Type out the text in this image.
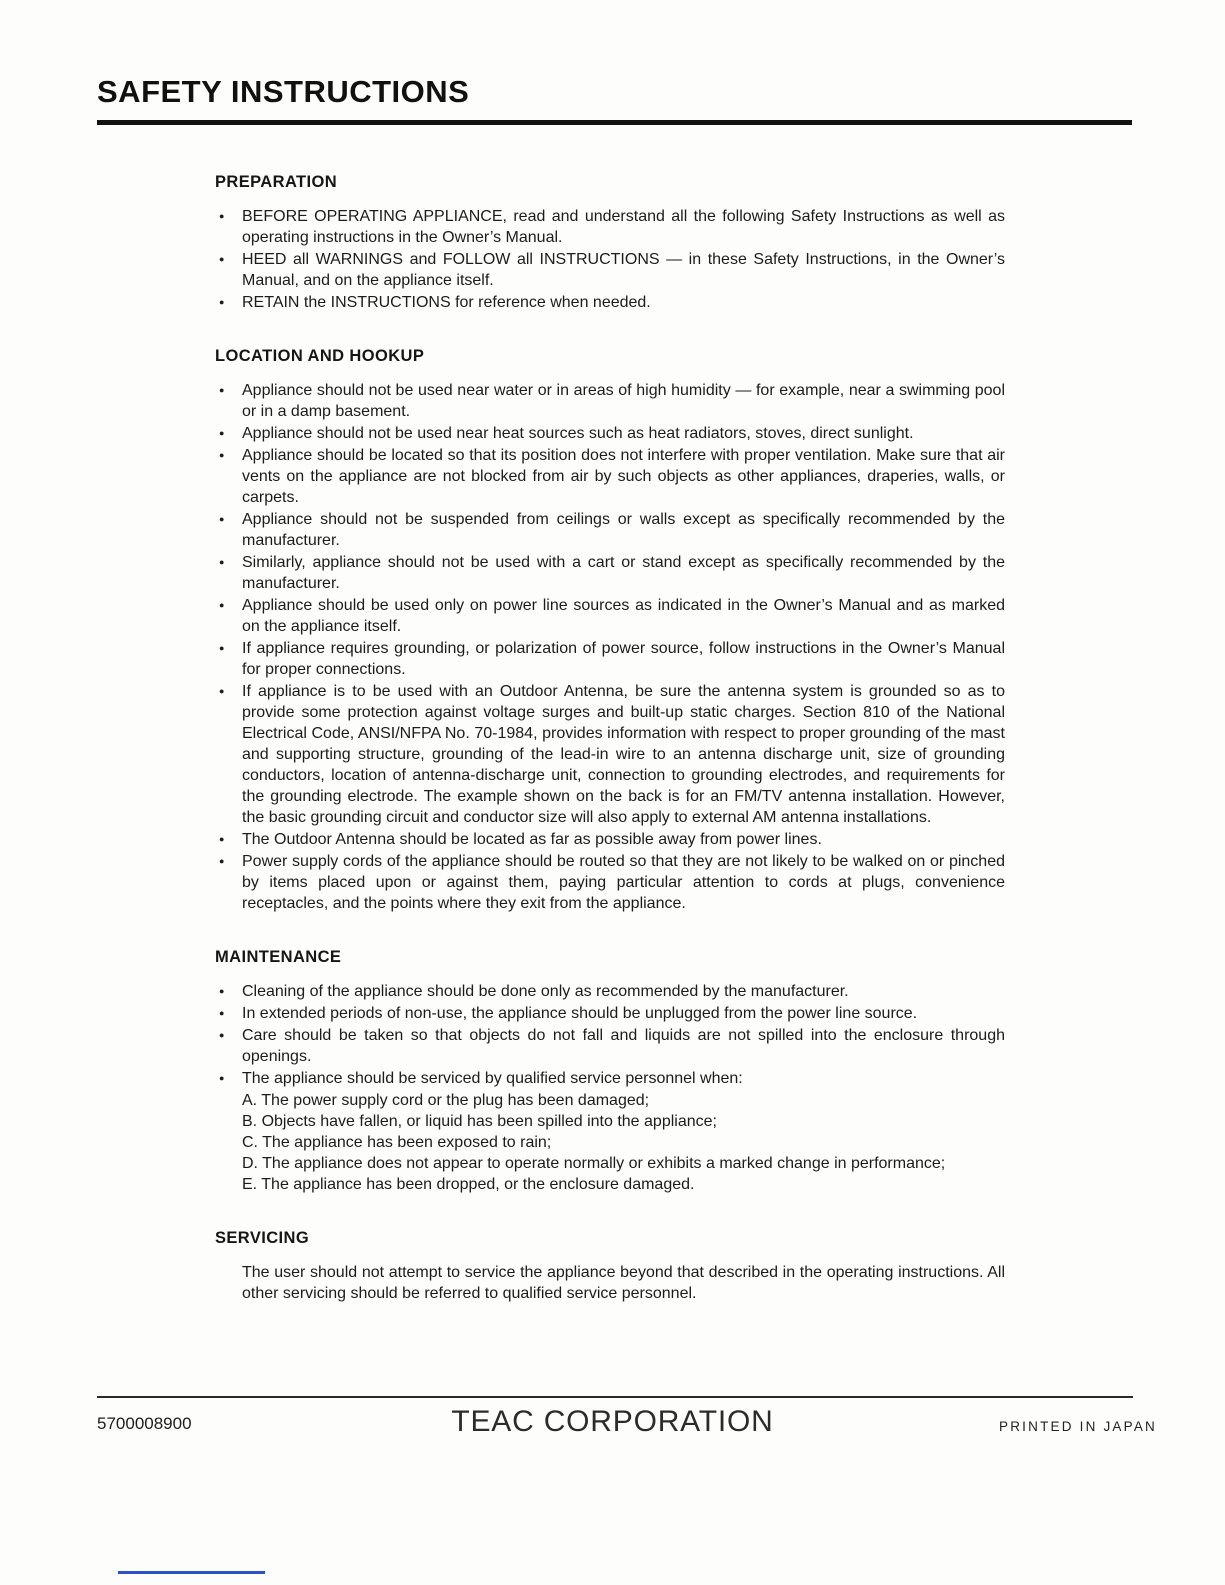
SAFETY INSTRUCTIONS
PREPARATION
● BEFORE OPERATING APPLIANCE, read and understand all the following Safety Instructions as well as operating instructions in the Owner’s Manual.
● HEED all WARNINGS and FOLLOW all INSTRUCTIONS — in these Safety Instructions, in the Owner’s Manual, and on the appliance itself.
● RETAIN the INSTRUCTIONS for reference when needed.
LOCATION AND HOOKUP
● Appliance should not be used near water or in areas of high humidity — for example, near a swimming pool or in a damp basement.
● Appliance should not be used near heat sources such as heat radiators, stoves, direct sunlight.
● Appliance should be located so that its position does not interfere with proper ventilation. Make sure that air vents on the appliance are not blocked from air by such objects as other appliances, draperies, walls, or carpets.
● Appliance should not be suspended from ceilings or walls except as specifically recommended by the manufacturer.
● Similarly, appliance should not be used with a cart or stand except as specifically recommended by the manufacturer.
● Appliance should be used only on power line sources as indicated in the Owner’s Manual and as marked on the appliance itself.
● If appliance requires grounding, or polarization of power source, follow instructions in the Owner’s Manual for proper connections.
● If appliance is to be used with an Outdoor Antenna, be sure the antenna system is grounded so as to provide some protection against voltage surges and built-up static charges. Section 810 of the National Electrical Code, ANSI/NFPA No. 70-1984, provides information with respect to proper grounding of the mast and supporting structure, grounding of the lead-in wire to an antenna discharge unit, size of grounding conductors, location of antenna-discharge unit, connection to grounding electrodes, and requirements for the grounding electrode. The example shown on the back is for an FM/TV antenna installation. However, the basic grounding circuit and conductor size will also apply to external AM antenna installations.
● The Outdoor Antenna should be located as far as possible away from power lines.
● Power supply cords of the appliance should be routed so that they are not likely to be walked on or pinched by items placed upon or against them, paying particular attention to cords at plugs, convenience receptacles, and the points where they exit from the appliance.
MAINTENANCE
● Cleaning of the appliance should be done only as recommended by the manufacturer.
● In extended periods of non-use, the appliance should be unplugged from the power line source.
● Care should be taken so that objects do not fall and liquids are not spilled into the enclosure through openings.
● The appliance should be serviced by qualified service personnel when:
A. The power supply cord or the plug has been damaged;
B. Objects have fallen, or liquid has been spilled into the appliance;
C. The appliance has been exposed to rain;
D. The appliance does not appear to operate normally or exhibits a marked change in performance;
E. The appliance has been dropped, or the enclosure damaged.
SERVICING

The user should not attempt to service the appliance beyond that described in the operating instructions. All other servicing should be referred to qualified service personnel.

5700008900	TEAC CORPORATION	PRINTED IN JAPAN
